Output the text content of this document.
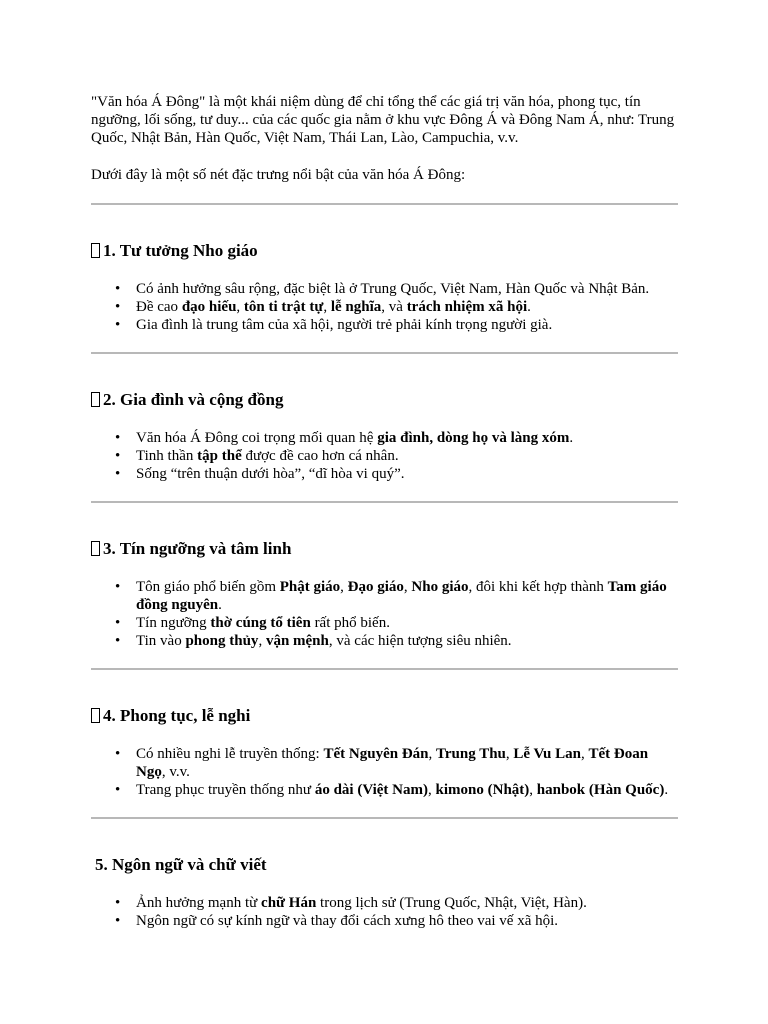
"Văn hóa Á Đông" là một khái niệm dùng để chỉ tổng thể các giá trị văn hóa, phong tục, tín ngưỡng, lối sống, tư duy... của các quốc gia nằm ở khu vực Đông Á và Đông Nam Á, như: Trung Quốc, Nhật Bản, Hàn Quốc, Việt Nam, Thái Lan, Lào, Campuchia, v.v.

Dưới đây là một số nét đặc trưng nổi bật của văn hóa Á Đông:

1. Tư tưởng Nho giáo
• Có ảnh hưởng sâu rộng, đặc biệt là ở Trung Quốc, Việt Nam, Hàn Quốc và Nhật Bản.
• Đề cao đạo hiếu, tôn ti trật tự, lễ nghĩa, và trách nhiệm xã hội.
• Gia đình là trung tâm của xã hội, người trẻ phải kính trọng người già.
2. Gia đình và cộng đồng
• Văn hóa Á Đông coi trọng mối quan hệ gia đình, dòng họ và làng xóm.
• Tinh thần tập thể được đề cao hơn cá nhân.
• Sống “trên thuận dưới hòa”, “dĩ hòa vi quý”.
3. Tín ngưỡng và tâm linh
• Tôn giáo phổ biến gồm Phật giáo, Đạo giáo, Nho giáo, đôi khi kết hợp thành Tam giáo đồng nguyên.
• Tín ngưỡng thờ cúng tổ tiên rất phổ biến.
• Tin vào phong thủy, vận mệnh, và các hiện tượng siêu nhiên.
4. Phong tục, lễ nghi
• Có nhiều nghi lễ truyền thống: Tết Nguyên Đán, Trung Thu, Lễ Vu Lan, Tết Đoan Ngọ, v.v.
• Trang phục truyền thống như áo dài (Việt Nam), kimono (Nhật), hanbok (Hàn Quốc).
5. Ngôn ngữ và chữ viết
• Ảnh hưởng mạnh từ chữ Hán trong lịch sử (Trung Quốc, Nhật, Việt, Hàn).
• Ngôn ngữ có sự kính ngữ và thay đổi cách xưng hô theo vai vế xã hội.
